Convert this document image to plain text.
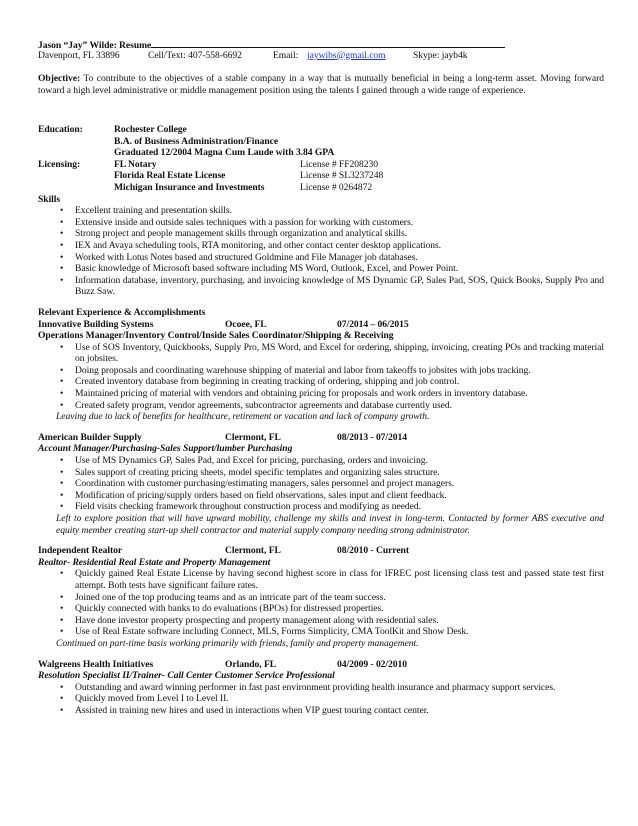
Jason “Jay” Wilde: Resume
Davenport, FL 33896	Cell/Text: 407-558-6692	Email: jaywibs@gmail.com	Skype: jayb4k
Objective: To contribute to the objectives of a stable company in a way that is mutually beneficial in being a long-term asset. Moving forward toward a high level administrative or middle management position using the talents I gained through a wide range of experience.
Education:	Rochester College
B.A. of Business Administration/Finance
Graduated 12/2004 Magna Cum Laude with 3.84 GPA
Licensing:	FL Notary	License # FF208230
Florida Real Estate License	License # SL3237248
Michigan Insurance and Investments	License # 0264872
Skills
• Excellent training and presentation skills.
• Extensive inside and outside sales techniques with a passion for working with customers.
• Strong project and people management skills through organization and analytical skills.
• IEX and Avaya scheduling tools, RTA monitoring, and other contact center desktop applications.
• Worked with Lotus Notes based and structured Goldmine and File Manager job databases.
• Basic knowledge of Microsoft based software including MS Word, Outlook, Excel, and Power Point.
• Information database, inventory, purchasing, and invoicing knowledge of MS Dynamic GP, Sales Pad, SOS, Quick Books, Supply Pro and Buzz Saw.
Relevant Experience & Accomplishments
Innovative Building Systems	Ocoee, FL	07/2014 – 06/2015
Operations Manager/Inventory Control/Inside Sales Coordinator/Shipping & Receiving
• Use of SOS Inventory, Quickbooks, Supply Pro, MS Word, and Excel for ordering, shipping, invoicing, creating POs and tracking material on jobsites.
• Doing proposals and coordinating warehouse shipping of material and labor from takeoffs to jobsites with jobs tracking.
• Created inventory database from beginning in creating tracking of ordering, shipping and job control.
• Maintained pricing of material with vendors and obtaining pricing for proposals and work orders in inventory database.
• Created safety program, vendor agreements, subcontractor agreements and database currently used.
Leaving due to lack of benefits for healthcare, retirement or vacation and lack of company growth.
American Builder Supply	Clermont, FL	08/2013 - 07/2014
Account Manager/Purchasing-Sales Support/lumber Purchasing
• Use of MS Dynamics GP, Sales Pad, and Excel for pricing, purchasing, orders and invoicing.
• Sales support of creating pricing sheets, model specific templates and organizing sales structure.
• Coordination with customer purchasing/estimating managers, sales personnel and project managers.
• Modification of pricing/supply orders based on field observations, sales input and client feedback.
• Field visits checking framework throughout construction process and modifying as needed.
Left to explore position that will have upward mobility, challenge my skills and invest in long-term. Contacted by former ABS executive and equity member creating start-up shell contractor and material supply company needing strong administrator.
Independent Realtor	Clermont, FL	08/2010 - Current
Realtor- Residential Real Estate and Property Management
• Quickly gained Real Estate License by having second highest score in class for IFREC post licensing class test and passed state test first attempt. Both tests have significant failure rates.
• Joined one of the top producing teams and as an intricate part of the team success.
• Quickly connected with banks to do evaluations (BPOs) for distressed properties.
• Have done investor property prospecting and property management along with residential sales.
• Use of Real Estate software including Connect, MLS, Forms Simplicity, CMA ToolKit and Show Desk.
Continued on part-time basis working primarily with friends, family and property management.
Walgreens Health Initiatives	Orlando, FL	04/2009 - 02/2010
Resolution Specialist II/Trainer- Call Center Customer Service Professional
• Outstanding and award winning performer in fast past environment providing health insurance and pharmacy support services.
• Quickly moved from Level I to Level II.
• Assisted in training new hires and used in interactions when VIP guest touring contact center.
